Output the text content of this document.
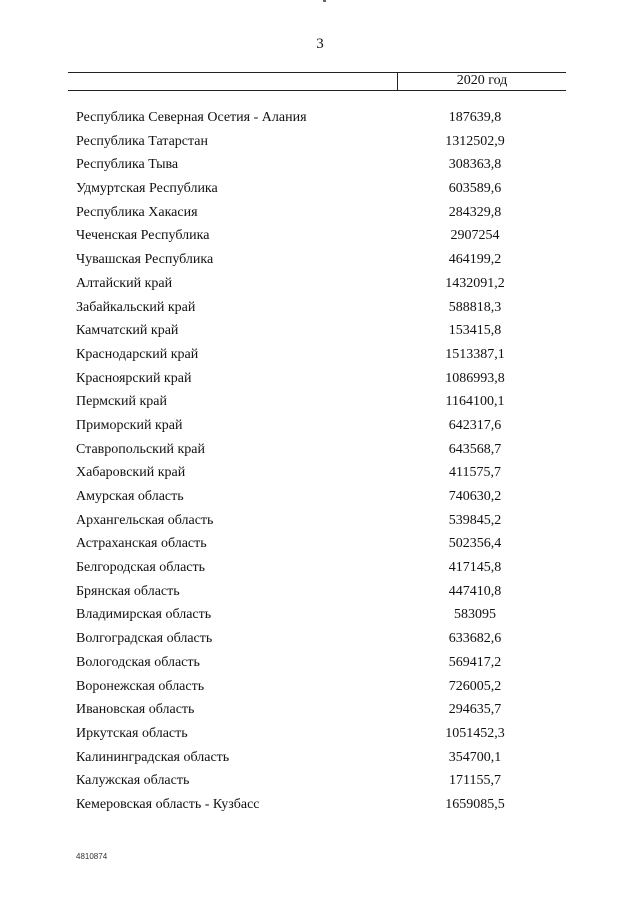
3
2020 год
Республика Северная Осетия - Алания	187639,8
Республика Татарстан	1312502,9
Республика Тыва	308363,8
Удмуртская Республика	603589,6
Республика Хакасия	284329,8
Чеченская Республика	2907254
Чувашская Республика	464199,2
Алтайский край	1432091,2
Забайкальский край	588818,3
Камчатский край	153415,8
Краснодарский край	1513387,1
Красноярский край	1086993,8
Пермский край	1164100,1
Приморский край	642317,6
Ставропольский край	643568,7
Хабаровский край	411575,7
Амурская область	740630,2
Архангельская область	539845,2
Астраханская область	502356,4
Белгородская область	417145,8
Брянская область	447410,8
Владимирская область	583095
Волгоградская область	633682,6
Вологодская область	569417,2
Воронежская область	726005,2
Ивановская область	294635,7
Иркутская область	1051452,3
Калининградская область	354700,1
Калужская область	171155,7
Кемеровская область - Кузбасс	1659085,5
4810874
